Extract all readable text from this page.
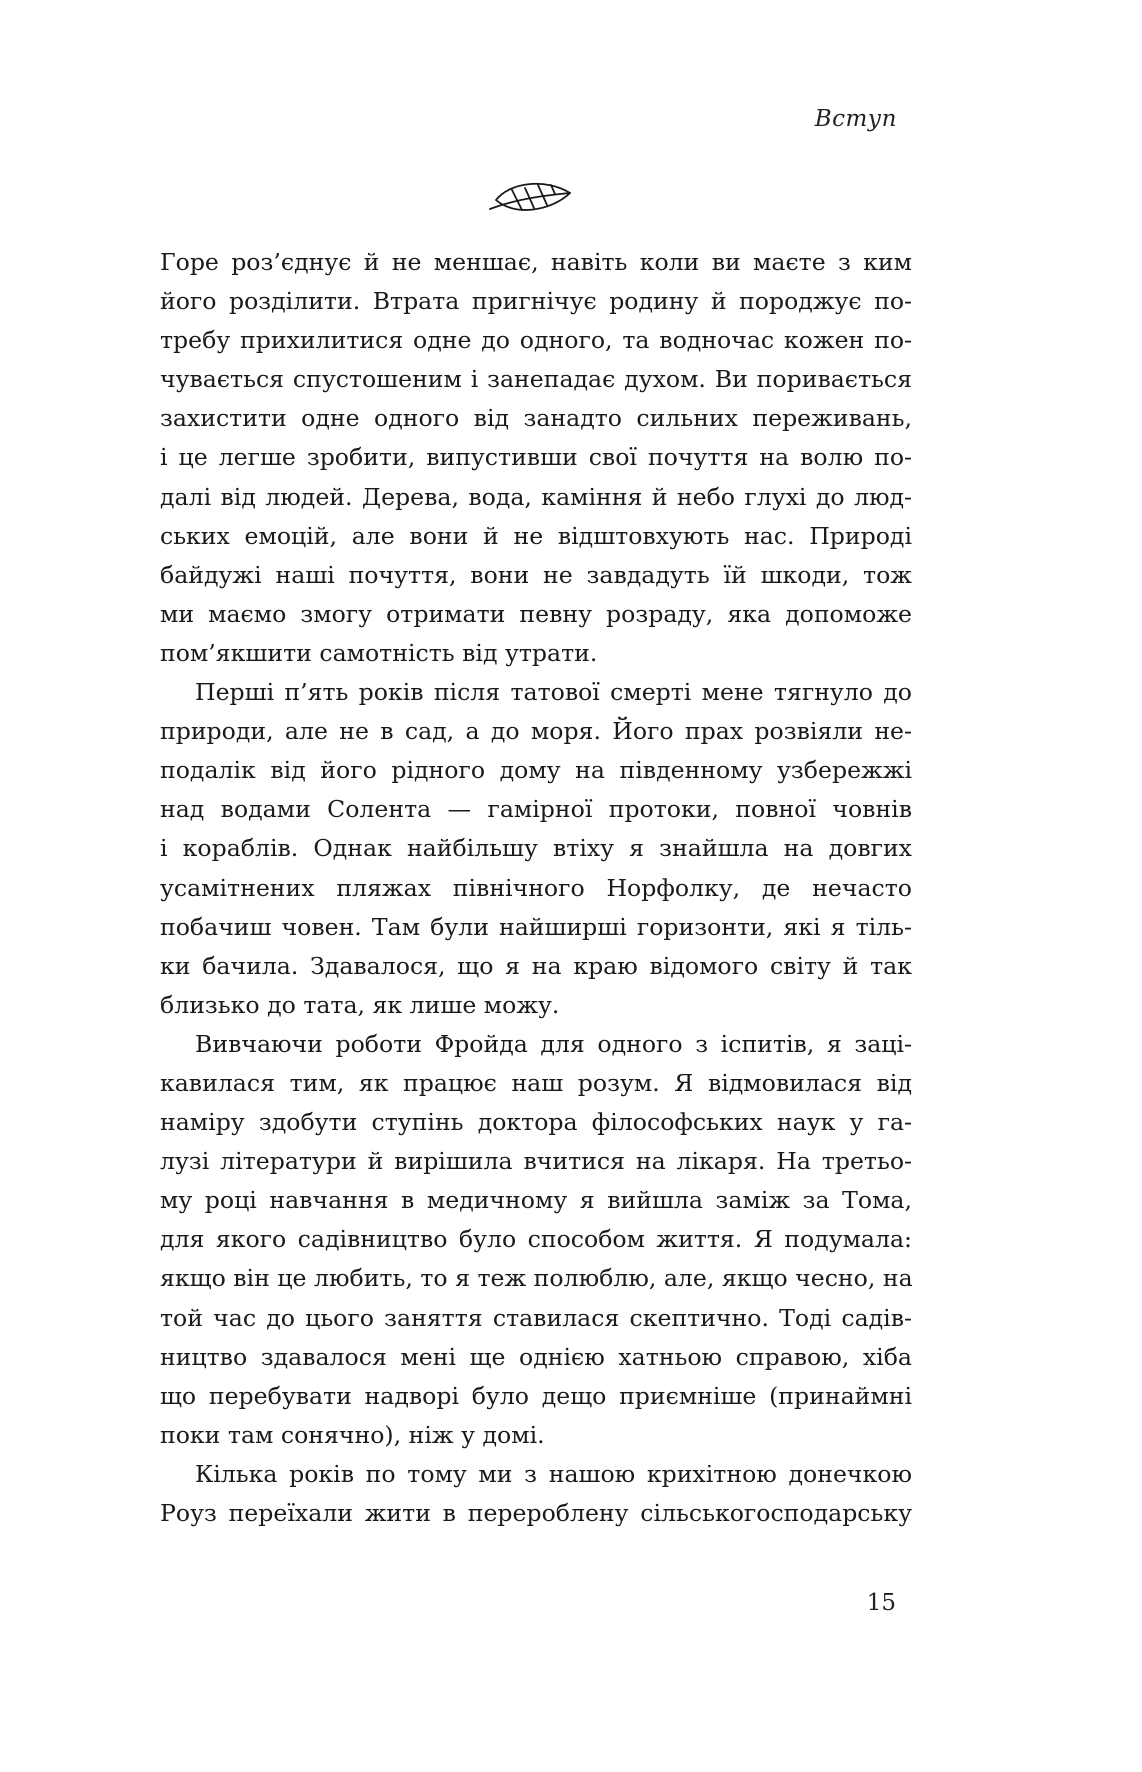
Вступ
Горе роз’єднує й не меншає, навіть коли ви маєте з ким
його розділити. Втрата пригнічує родину й породжує по-
требу прихилитися одне до одного, та водночас кожен по-
чувається спустошеним і занепадає духом. Ви поривається
захистити одне одного від занадто сильних переживань,
і це легше зробити, випустивши свої почуття на волю по-
далі від людей. Дерева, вода, каміння й небо глухі до люд-
ських емоцій, але вони й не відштовхують нас. Природі
байдужі наші почуття, вони не завдадуть їй шкоди, тож
ми маємо змогу отримати певну розраду, яка допоможе
пом’якшити самотність від утрати.
Перші п’ять років після татової смерті мене тягнуло до
природи, але не в сад, а до моря. Його прах розвіяли не-
подалік від його рідного дому на південному узбережжі
над водами Солента — гамірної протоки, повної човнів
і кораблів. Однак найбільшу втіху я знайшла на довгих
усамітнених пляжах північного Норфолку, де нечасто
побачиш човен. Там були найширші горизонти, які я тіль-
ки бачила. Здавалося, що я на краю відомого світу й так
близько до тата, як лише можу.
Вивчаючи роботи Фройда для одного з іспитів, я заці-
кавилася тим, як працює наш розум. Я відмовилася від
наміру здобути ступінь доктора філософських наук у га-
лузі літератури й вирішила вчитися на лікаря. На третьо-
му році навчання в медичному я вийшла заміж за Тома,
для якого садівництво було способом життя. Я подумала:
якщо він це любить, то я теж полюблю, але, якщо чесно, на
той час до цього заняття ставилася скептично. Тоді садів-
ництво здавалося мені ще однією хатньою справою, хіба
що перебувати надворі було дещо приємніше (принаймні
поки там сонячно), ніж у домі.
Кілька років по тому ми з нашою крихітною донечкою
Роуз переїхали жити в перероблену сільськогосподарську
15
